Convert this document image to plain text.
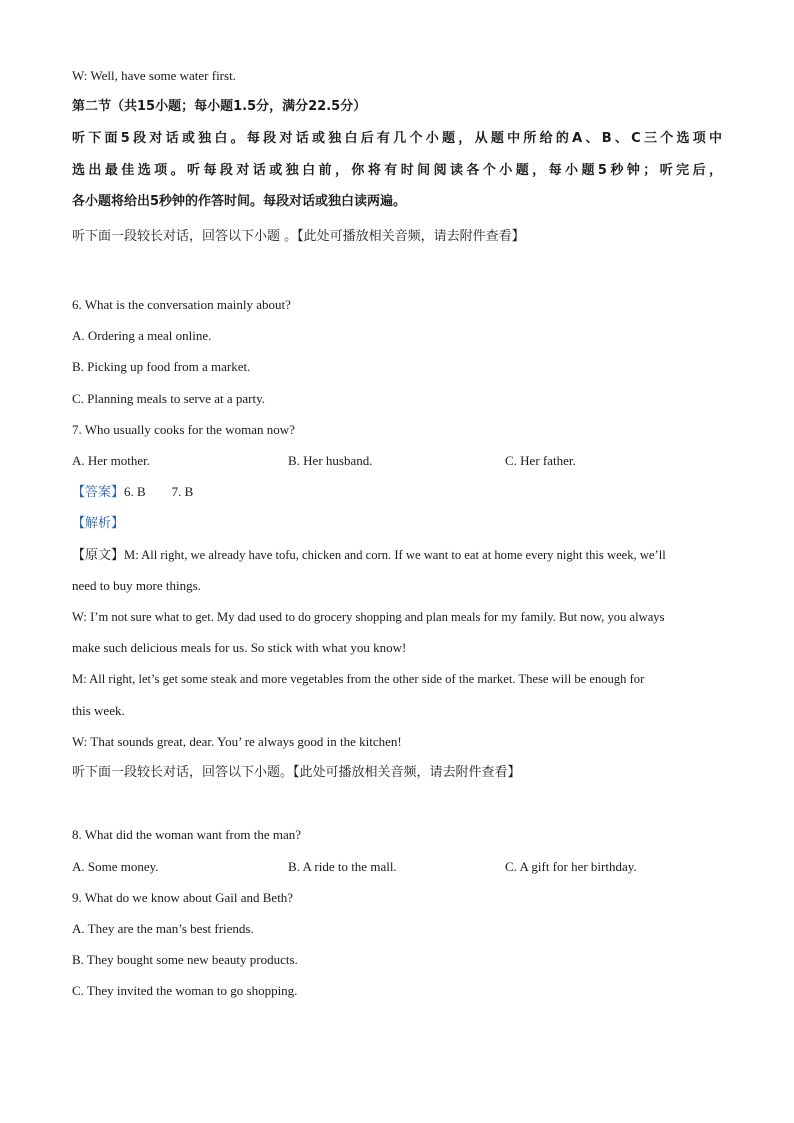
W: Well, have some water first.
第二节（共15小题；每小题1.5分，满分22.5分）
听下面5段对话或独白。每段对话或独白后有几个小题，从题中所给的A、B、C三个选项中
选出最佳选项。听每段对话或独白前，你将有时间阅读各个小题，每小题5秒钟；听完后，
各小题将给出5秒钟的作答时间。每段对话或独白读两遍。
听下面一段较长对话，回答以下小题 。【此处可播放相关音频，请去附件查看】
6. What is the conversation mainly about?
A. Ordering a meal online.
B. Picking up food from a market.
C. Planning meals to serve at a party.
7. Who usually cooks for the woman now?
A. Her mother.	B. Her husband.	C. Her father.
【答案】6. B        7. B
【解析】
【原文】M: All right, we already have tofu, chicken and corn. If we want to eat at home every night this week, we’ll
need to buy more things.
W: I’m not sure what to get. My dad used to do grocery shopping and plan meals for my family. But now, you always
make such delicious meals for us. So stick with what you know!
M: All right, let’s get some steak and more vegetables from the other side of the market. These will be enough for
this week.
W: That sounds great, dear. You’ re always good in the kitchen!
听下面一段较长对话，回答以下小题。【此处可播放相关音频，请去附件查看】
8. What did the woman want from the man?
A. Some money.	B. A ride to the mall.	C. A gift for her birthday.
9. What do we know about Gail and Beth?
A. They are the man’s best friends.
B. They bought some new beauty products.
C. They invited the woman to go shopping.
